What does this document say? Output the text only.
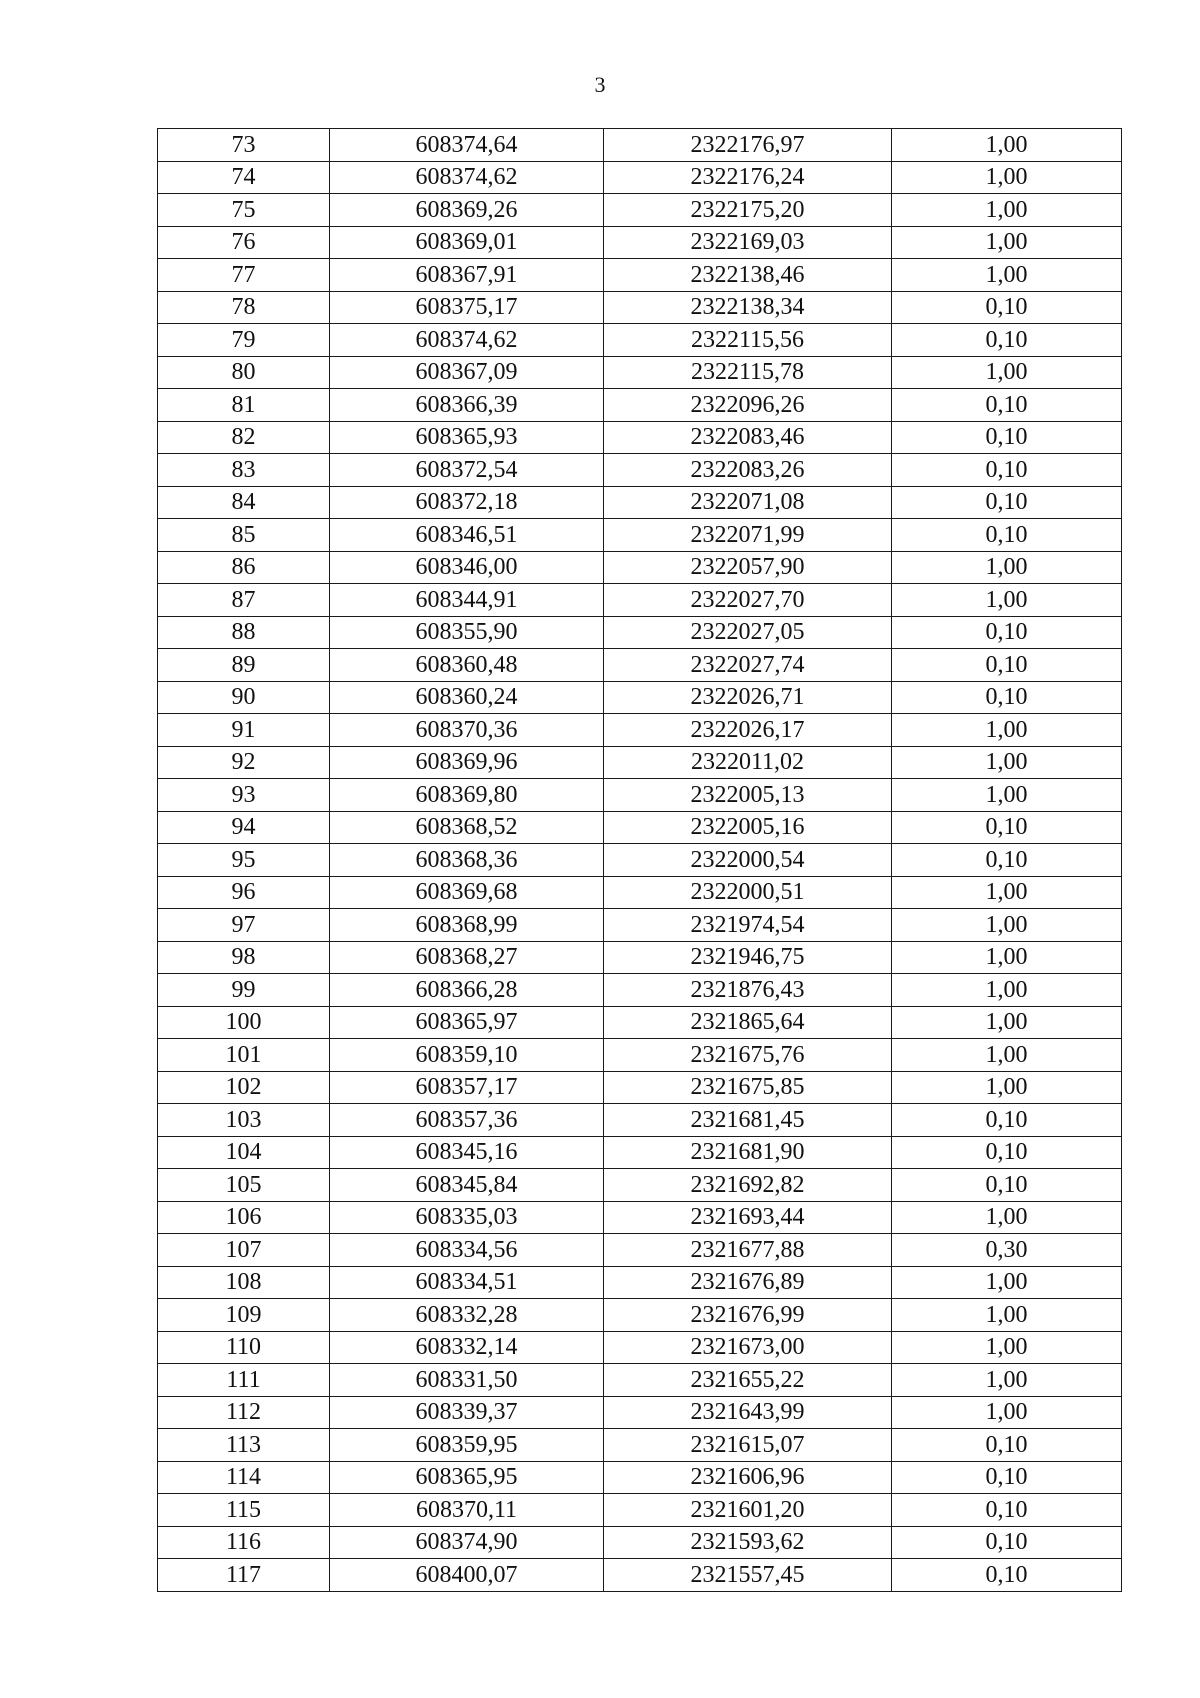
3
73	608374,64	2322176,97	1,00
74	608374,62	2322176,24	1,00
75	608369,26	2322175,20	1,00
76	608369,01	2322169,03	1,00
77	608367,91	2322138,46	1,00
78	608375,17	2322138,34	0,10
79	608374,62	2322115,56	0,10
80	608367,09	2322115,78	1,00
81	608366,39	2322096,26	0,10
82	608365,93	2322083,46	0,10
83	608372,54	2322083,26	0,10
84	608372,18	2322071,08	0,10
85	608346,51	2322071,99	0,10
86	608346,00	2322057,90	1,00
87	608344,91	2322027,70	1,00
88	608355,90	2322027,05	0,10
89	608360,48	2322027,74	0,10
90	608360,24	2322026,71	0,10
91	608370,36	2322026,17	1,00
92	608369,96	2322011,02	1,00
93	608369,80	2322005,13	1,00
94	608368,52	2322005,16	0,10
95	608368,36	2322000,54	0,10
96	608369,68	2322000,51	1,00
97	608368,99	2321974,54	1,00
98	608368,27	2321946,75	1,00
99	608366,28	2321876,43	1,00
100	608365,97	2321865,64	1,00
101	608359,10	2321675,76	1,00
102	608357,17	2321675,85	1,00
103	608357,36	2321681,45	0,10
104	608345,16	2321681,90	0,10
105	608345,84	2321692,82	0,10
106	608335,03	2321693,44	1,00
107	608334,56	2321677,88	0,30
108	608334,51	2321676,89	1,00
109	608332,28	2321676,99	1,00
110	608332,14	2321673,00	1,00
111	608331,50	2321655,22	1,00
112	608339,37	2321643,99	1,00
113	608359,95	2321615,07	0,10
114	608365,95	2321606,96	0,10
115	608370,11	2321601,20	0,10
116	608374,90	2321593,62	0,10
117	608400,07	2321557,45	0,10
